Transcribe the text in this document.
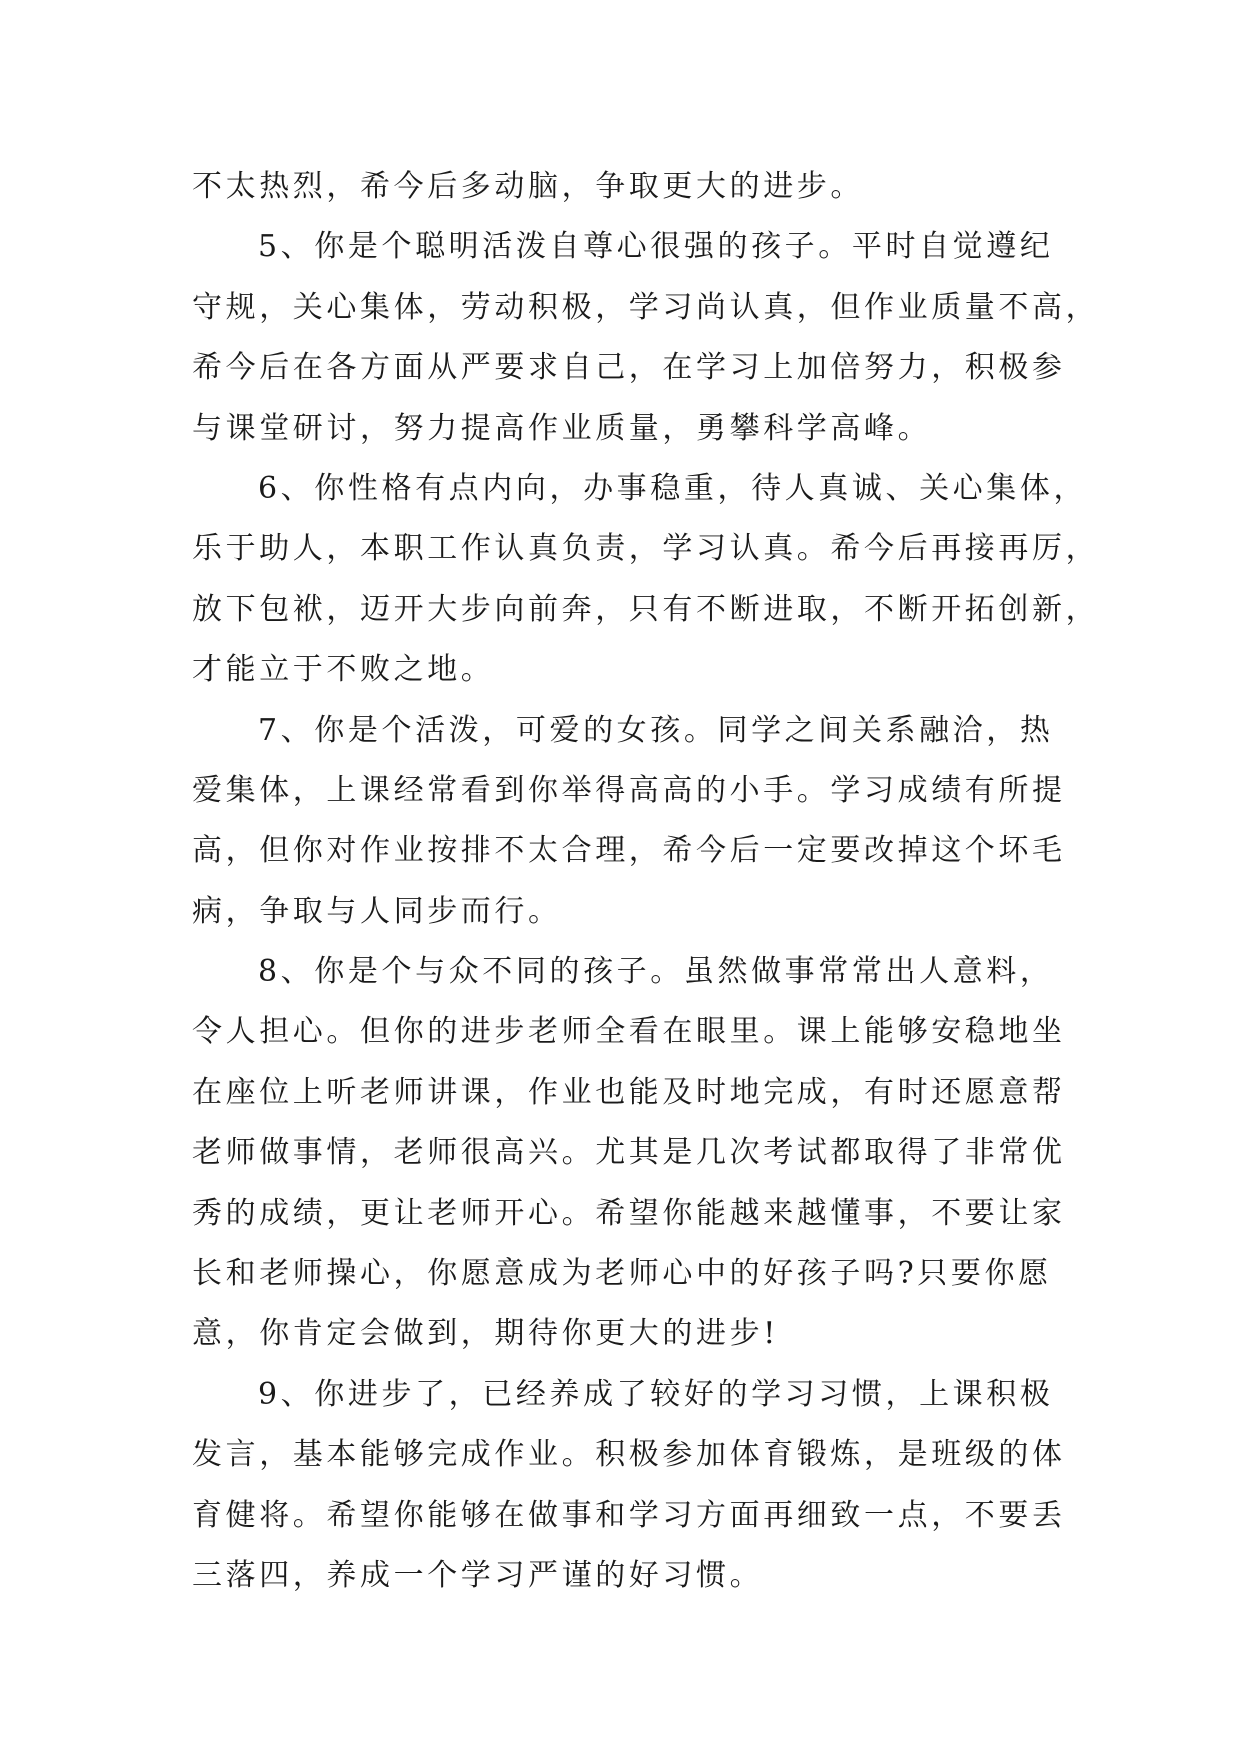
不太热烈，希今后多动脑，争取更大的进步。

5、你是个聪明活泼自尊心很强的孩子。平时自觉遵纪

守规，关心集体，劳动积极，学习尚认真，但作业质量不高，

希今后在各方面从严要求自己，在学习上加倍努力，积极参

与课堂研讨，努力提高作业质量，勇攀科学高峰。

6、你性格有点内向，办事稳重，待人真诚、关心集体，

乐于助人，本职工作认真负责，学习认真。希今后再接再厉，

放下包袱，迈开大步向前奔，只有不断进取，不断开拓创新，

才能立于不败之地。

7、你是个活泼，可爱的女孩。同学之间关系融洽，热

爱集体，上课经常看到你举得高高的小手。学习成绩有所提

高，但你对作业按排不太合理，希今后一定要改掉这个坏毛

病，争取与人同步而行。

8、你是个与众不同的孩子。虽然做事常常出人意料，

令人担心。但你的进步老师全看在眼里。课上能够安稳地坐

在座位上听老师讲课，作业也能及时地完成，有时还愿意帮

老师做事情，老师很高兴。尤其是几次考试都取得了非常优

秀的成绩，更让老师开心。希望你能越来越懂事，不要让家

长和老师操心，你愿意成为老师心中的好孩子吗?只要你愿

意，你肯定会做到，期待你更大的进步!

9、你进步了，已经养成了较好的学习习惯，上课积极

发言，基本能够完成作业。积极参加体育锻炼，是班级的体

育健将。希望你能够在做事和学习方面再细致一点，不要丢

三落四，养成一个学习严谨的好习惯。
